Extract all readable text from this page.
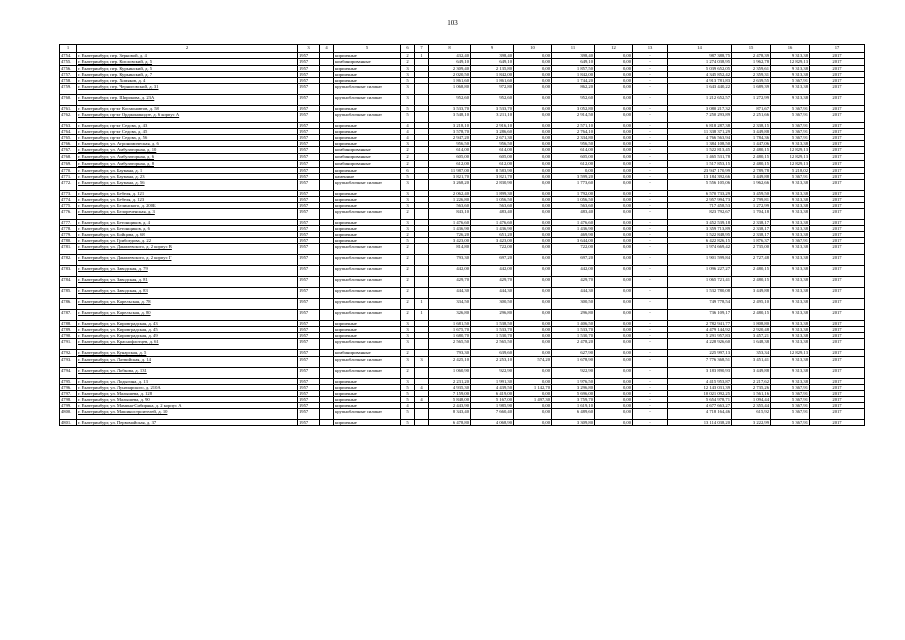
103
1	2	3	4	5	6	7	8	9	10	11	12	13	14	15	16	17
4754.	г. Екатеринбург, пер. Зерновой, д. 4	1957		кирпичные	2	1	432,40	398,40	0,00	398,40	0,00	-	987 388,75	2 478,39	9 313,38	2017
4755.	г. Екатеринбург, пер. Кисловский, д. 5	1957		комбинированные	2		649,10	649,10	0,00	649,10	0,00	-	1 274 038,95	1 962,78	12 829,13	2017
4756.	г. Екатеринбург, пер. Курьинский, д. 5	1957		кирпичные	3		2 309,40	2 135,80	0,00	1 857,50	0,00	-	5 039 652,05	2 359,61	9 313,38	2017
4757.	г. Екатеринбург, пер. Курьинский, д. 7	1957		кирпичные	3		2 020,50	1 842,00	0,00	1 842,00	0,00	-	4 345 852,42	2 359,31	9 313,38	2017
4758.	г. Екатеринбург, пер. Хомяков, д. 4	1957		кирпичные	5		1 861,60	1 861,60	0,00	1 744,20	0,00	-	4 913 781,83	2 639,55	5 367,91	2017
4759.	г. Екатеринбург, пер. Черниговский, д. 31	1957		крупноблочные силикат	3		1 068,80	972,80	0,00	862,20	0,00	-	1 643 440,22	1 689,39	9 313,38	2017
4760.	г. Екатеринбург, пер. Широкова, д. 23А	1957		крупноблочные силикат	3		952,60	952,60	0,00	952,60	0,00	-	1 212 652,57	1 272,99	9 313,38	2017
4761.	г. Екатеринбург, пр-кт Космонавтов, д. 58	1957		кирпичные	5		3 533,70	3 533,70	0,00	3 052,80	0,00	-	3 080 217,32	871,67	5 367,91	2017
4762.	г. Екатеринбург, пр-кт Орджоникидзе, д. 6 корпус А	1957		крупноблочные силикат	5		3 548,10	3 211,10	0,00	2 914,50	0,00	-	7 250 293,89	2 251,66	5 367,91	2017
4763.	г. Екатеринбург, пр-кт Седова, д. 43	1957		кирпичные	4		3 218,10	2 916,10	0,00	2 571,10	0,00	-	6 818 287,38	2 338,15	5 367,91	2017
4764.	г. Екатеринбург, пр-кт Седова, д. 45	1957		кирпичные	4		3 578,70	3 286,60	0,00	2 764,10	0,00	-	11 338 371,29	3 449,88	5 367,91	2017
4765.	г. Екатеринбург, пр-кт Седова, д. 56	1957		кирпичные	4		2 947,20	2 671,30	0,00	2 334,80	0,00	-	4 766 563,94	1 784,36	5 367,91	2017
4766.	г. Екатеринбург, ул. Агрономическая, д. 6	1957		кирпичные	3		956,50	956,50	0,00	956,50	0,00	-	1 384 108,50	1 447,06	9 313,38	2017
4767.	г. Екатеринбург, ул. Амбулаторная, д. 10	1957		комбинированные	2		614,00	614,00	0,00	614,00	0,00	-	1 522 813,45	2 480,15	12 829,13	2017
4768.	г. Екатеринбург, ул. Амбулаторная, д. 6	1957		комбинированные	2		605,00	605,00	0,00	605,00	0,00	-	1 465 531,78	2 480,15	12 829,13	2017
4769.	г. Екатеринбург, ул. Амбулаторная, д. 8	1957		комбинированные	2		612,00	612,00	0,00	612,00	0,00	-	1 517 853,15	2 480,15	12 829,13	2017
4770.	г. Екатеринбург, ул. Баумана, д. 1	1957		кирпичные	6		11 987,00	8 583,90	0,00	0,00	0,00	-	23 947 170,99	2 789,78	5 218,02	2017
4771.	г. Екатеринбург, ул. Баумана, д. 23	1957		каменные	5		3 821,70	3 821,70	0,00	3 599,20	0,00	-	13 184 392,66	3 449,88	5 367,91	2017
4772.	г. Екатеринбург, ул. Баумана, д. 56	1957		крупноблочные силикат	3		3 268,20	2 830,90	0,00	1 773,60	0,00	-	5 556 105,06	1 962,66	9 313,38	2017
4773.	г. Екатеринбург, ул. Бебеля, д. 121	1957		кирпичные	3		2 062,40	1 899,30	0,00	1 792,00	0,00	-	6 570 733,29	3 459,50	9 313,38	2017
4774.	г. Екатеринбург, ул. Бебеля, д. 123	1957		кирпичные	3		1 226,80	1 056,50	0,00	1 056,50	0,00	-	2 957 994,73	2 799,81	9 313,38	2017
4775.	г. Екатеринбург, ул. Белинского, д. 200Б	1957		кирпичные	3		563,60	563,60	0,00	563,60	0,00	-	717 458,53	1 272,99	9 313,38	2017
4776.	г. Екатеринбург, ул. Белореченская, д. 3	1957		крупноблочные силикат	2		843,10	483,40	0,00	483,40	0,00	-	823 792,67	1 704,18	9 313,38	2017
4777.	г. Екатеринбург, ул. Бетонщиков, д. 4	1957		кирпичные	3		1 476,60	1 476,60	0,00	1 476,60	0,00	-	3 452 539,18	2 338,17	9 313,38	2017
4778.	г. Екатеринбург, ул. Бетонщиков, д. 6	1957		кирпичные	3		1 436,90	1 436,90	0,00	1 436,90	0,00	-	3 359 713,89	2 338,17	9 313,38	2017
4779.	г. Екатеринбург, ул. Бойцова, д. 68	1957		кирпичные	2		726,20	651,20	0,00	469,90	0,00	-	1 522 848,95	2 338,17	9 313,38	2017
4780.	г. Екатеринбург, ул. Грибоедова, д. 22	1957		кирпичные	5		3 423,00	3 423,00	0,00	3 644,00	0,00	-	6 422 826,15	1 876,37	5 367,91	2017
4781.	г. Екатеринбург, ул. Данилевского, д. 2 корпус В	1957		крупноблочные силикат	2		814,80	722,00	0,00	722,00	0,00	-	1 974 669,42	2 735,00	9 313,38	2017
4782.	г. Екатеринбург, ул. Данилевского, д. 2 корпус Г	1957		крупноблочные силикат	2		793,30	697,20	0,00	697,20	0,00	-	1 901 599,84	2 727,48	9 313,38	2017
4783.	г. Екатеринбург, ул. Заводская, д. 79	1957		крупноблочные силикат	2		442,00	442,00	0,00	442,00	0,00	-	1 096 227,27	2 480,15	9 313,38	2017
4784.	г. Екатеринбург, ул. Заводская, д. 81	1957		крупноблочные силикат	2		429,70	429,70	0,00	429,70	0,00	-	1 065 721,41	2 480,15	9 313,38	2017
4785.	г. Екатеринбург, ул. Заводская, д. 83	1957		крупноблочные силикат	2		444,30	444,30	0,00	444,30	0,00	-	1 532 780,08	3 449,88	9 313,38	2017
4786.	г. Екатеринбург, ул. Карельская, д. 78	1957		крупноблочные силикат	2	1	334,50	300,50	0,00	300,50	0,00	-	749 778,54	2 495,10	9 313,38	2017
4787.	г. Екатеринбург, ул. Карельская, д. 80	1957		крупноблочные силикат	2	1	326,80	296,80	0,00	296,80	0,00	-	736 109,17	2 480,15	9 313,38	2017
4788.	г. Екатеринбург, ул. Кировградская, д. 43	1957		кирпичные	3		1 681,50	1 538,50	0,00	1 406,50	0,00	-	2 782 941,77	1 808,80	9 313,38	2017
4789.	г. Екатеринбург, ул. Кировградская, д. 45	1957		кирпичные	3		1 675,70	1 533,70	0,00	1 533,70	0,00	-	4 479 144,92	2 920,48	9 313,38	2017
4790.	г. Екатеринбург, ул. Кировградская, д. 49	1957		кирпичные	3		1 680,70	1 530,70	0,00	1 530,70	0,00	-	5 291 957,83	3 457,21	9 313,38	2017
4791.	г. Екатеринбург, ул. Краснофлотцев, д. 61	1957		крупноблочные силикат	3		2 565,50	2 565,50	0,00	2 478,20	0,00	-	4 228 926,60	1 648,38	9 313,38	2017
4792.	г. Екатеринбург, ул. Кунарская, д. 5	1957		комбинированные	2		793,30	639,60	0,00	627,90	0,00	-	225 997,13	353,34	12 829,13	2017
4793.	г. Екатеринбург, ул. Латвийская, д. 14	1957		крупноблочные силикат	3	3	2 425,10	2 253,10	574,20	1 678,90	0,00	-	7 776 368,51	3 451,41	9 313,38	2017
4794.	г. Екатеринбург, ул. Лобкова, д. 131	1957		крупноблочные силикат	2		1 060,90	922,90	0,00	922,90	0,00	-	3 183 890,93	3 449,88	9 313,38	2017
4795.	г. Екатеринбург, ул. Лодыгина, д. 13	1957		кирпичные	3		2 231,20	1 991,30	0,00	1 976,50	0,00	-	4 415 953,87	2 217,62	9 313,38	2017
4796.	г. Екатеринбург, ул. Луначарского, д. 210А	1957		кирпичные	5	4	4 935,30	4 439,50	1 142,70	3 296,80	0,00	-	12 143 031,39	2 735,26	5 367,91	2017
4797.	г. Екатеринбург, ул. Малышева, д. 128	1957		кирпичные	5		7 159,00	6 419,00	0,00	5 696,00	0,00	-	10 021 092,25	1 561,16	5 367,91	2017
4798.	г. Екатеринбург, ул. Малышева, д. 90	1957		кирпичные	5	4	5 848,00	5 167,00	1 497,30	3 759,70	0,00	-	5 654 978,71	1 094,44	5 367,91	2017
4799.	г. Екатеринбург, ул. Мамина-Сибиряка, д. 2 корпус А	1957		кирпичные	4		2 443,90	1 985,90	0,00	1 619,10	0,00	-	4 677 663,27	2 355,44	5 367,91	2017
4800.	г. Екатеринбург, ул. Машиностроителей, д. 10	1957		крупноблочные силикат	5		8 343,40	7 660,40	0,00	6 489,60	0,00	-	4 718 164,46	615,92	5 367,91	2017
4801.	г. Екатеринбург, ул. Первомайская, д. 37	1957		кирпичные	5		6 478,80	4 068,90	0,00	3 309,80	0,00	-	13 114 038,20	3 222,99	5 367,91	2017
